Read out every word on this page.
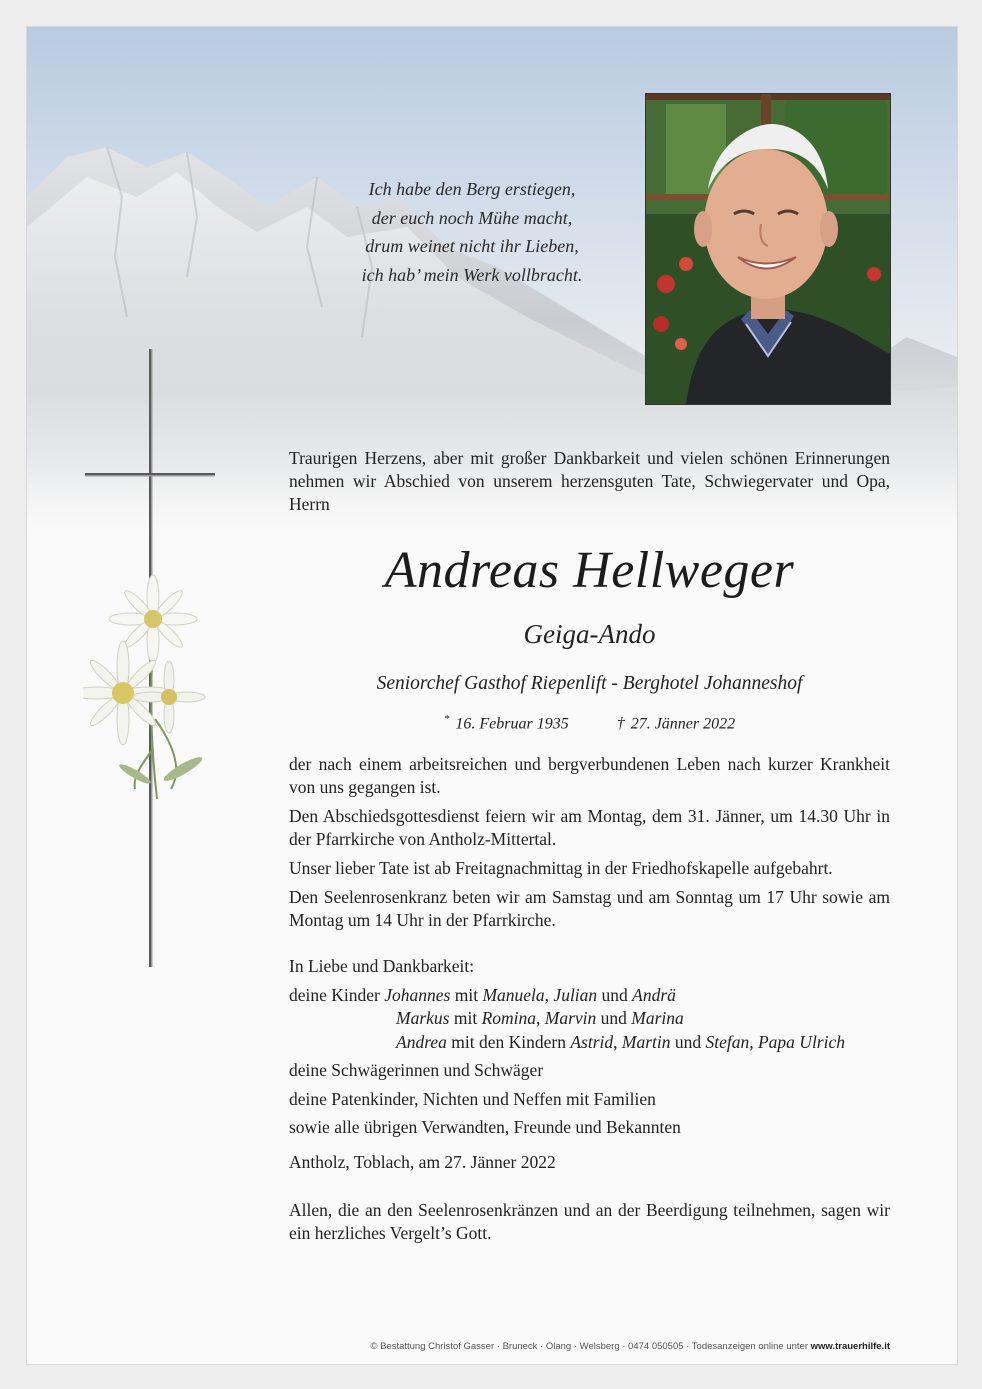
Ich habe den Berg erstiegen,
der euch noch Mühe macht,
drum weinet nicht ihr Lieben,
ich hab’ mein Werk vollbracht.
Traurigen Herzens, aber mit großer Dankbarkeit und vielen schönen Erinnerungen nehmen wir Abschied von unserem herzensguten Tate, Schwiegervater und Opa, Herrn
Andreas Hellweger
Geiga-Ando
Seniorchef Gasthof Riepenlift - Berghotel Johanneshof
* 16. Februar 1935	† 27. Jänner 2022

der nach einem arbeitsreichen und bergverbundenen Leben nach kurzer Krankheit von uns gegangen ist.

Den Abschiedsgottesdienst feiern wir am Montag, dem 31. Jänner, um 14.30 Uhr in der Pfarrkirche von Antholz-Mittertal.

Unser lieber Tate ist ab Freitagnachmittag in der Friedhofskapelle aufgebahrt.

Den Seelenrosenkranz beten wir am Samstag und am Sonntag um 17 Uhr sowie am Montag um 14 Uhr in der Pfarrkirche.

In Liebe und Dankbarkeit:
deine Kinder Johannes mit Manuela, Julian und Andrä
Markus mit Romina, Marvin und Marina
Andrea mit den Kindern Astrid, Martin und Stefan, Papa Ulrich
deine Schwägerinnen und Schwäger
deine Patenkinder, Nichten und Neffen mit Familien
sowie alle übrigen Verwandten, Freunde und Bekannten
Antholz, Toblach, am 27. Jänner 2022
Allen, die an den Seelenrosenkränzen und an der Beerdigung teilnehmen, sagen wir ein herzliches Vergelt’s Gott.
© Bestattung Christof Gasser · Bruneck · Olang · Welsberg · 0474 050505 · Todesanzeigen online unter www.trauerhilfe.it
